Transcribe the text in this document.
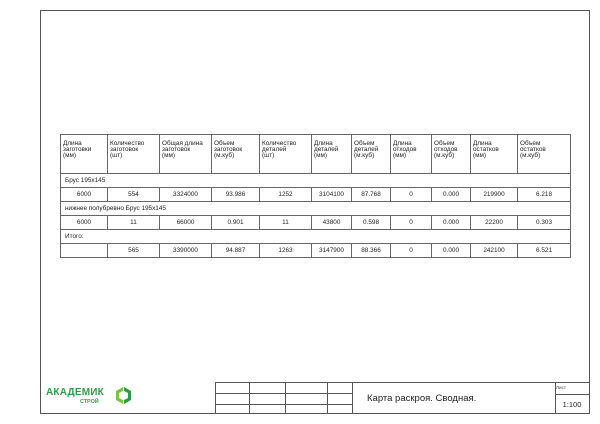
Длина
заготовки
(мм)	Количество
заготовок
(шт)	Общая длина
заготовок
(мм)	Объем
заготовок
(м.куб)	Количество
деталей
(шт)	Длина
деталей
(мм)	Объем
деталей
(м.куб)	Длина
отходов
(мм)	Объем
отходов
(м.куб)	Длина
остатков
(мм)	Объем
остатков
(м.куб)

Брус 195х145										
6000	554	3324000	93.986	1252	3104100	87.768	0	0.000	219900	6.218
нижнее полубревно Брус 195х145										
6000	11	66000	0.901	11	43800	0.598	0	0.000	22200	0.303
Итого:										
	565	3390000	94.887	1263	3147900	88.366	0	0.000	242100	6.521
АКАДЕМИК
СТРОЙ	Карта раскроя. Сводная.
Лист
1:100
